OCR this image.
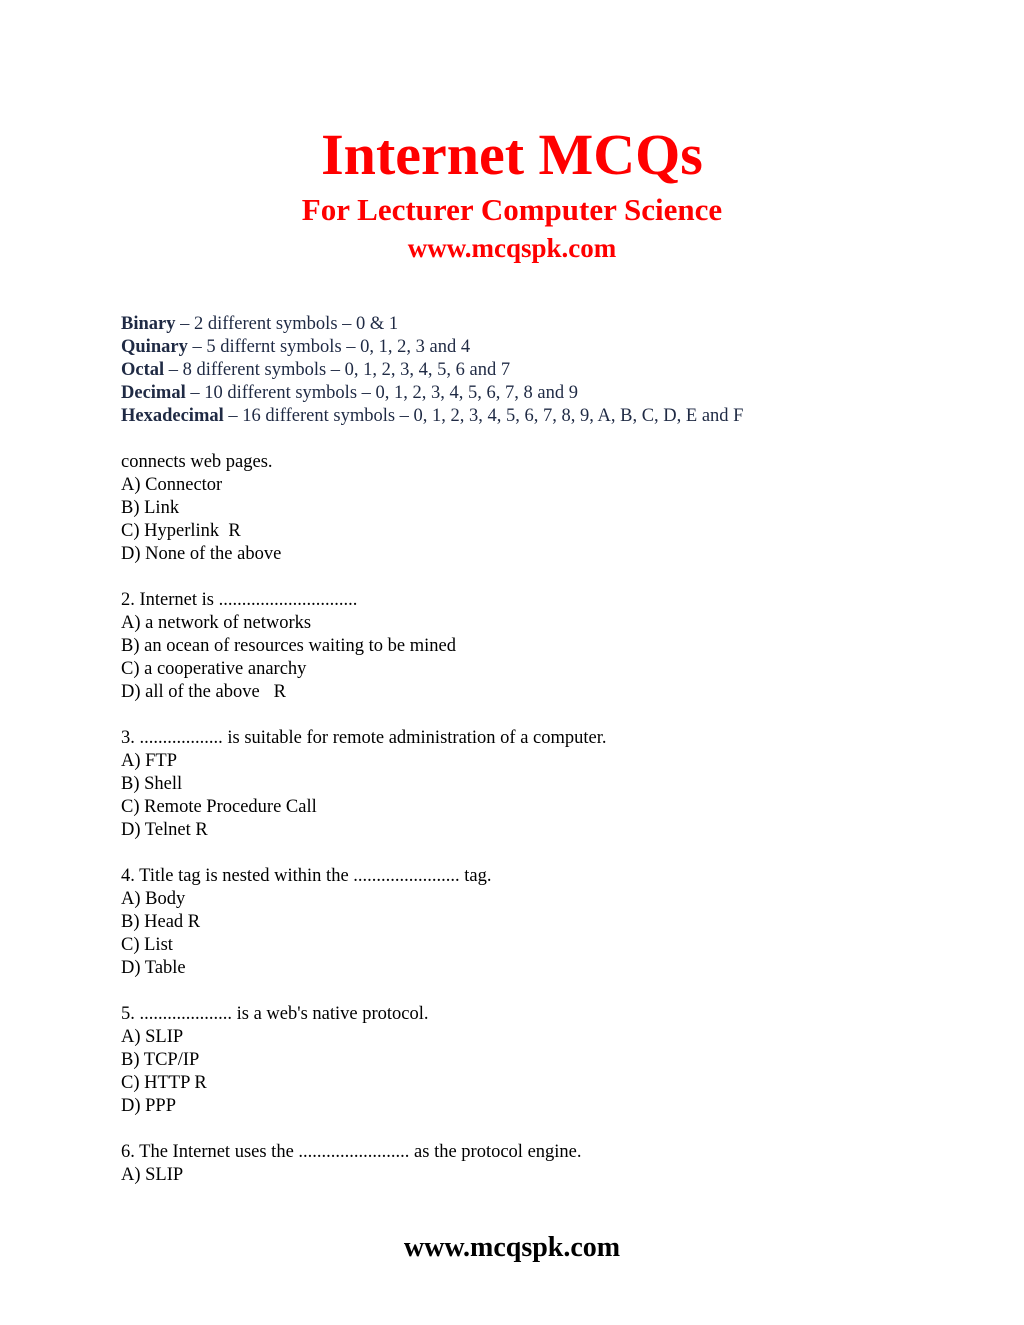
Internet MCQs

For Lecturer Computer Science

www.mcqspk.com

Binary – 2 different symbols – 0 & 1

Quinary – 5 differnt symbols – 0, 1, 2, 3 and 4

Octal – 8 different symbols – 0, 1, 2, 3, 4, 5, 6 and 7

Decimal – 10 different symbols – 0, 1, 2, 3, 4, 5, 6, 7, 8 and 9

Hexadecimal – 16 different symbols – 0, 1, 2, 3, 4, 5, 6, 7, 8, 9, A, B, C, D, E and F

connects web pages.

A) Connector

B) Link

C) Hyperlink  R

D) None of the above

2. Internet is ..............................

A) a network of networks

B) an ocean of resources waiting to be mined

C) a cooperative anarchy

D) all of the above   R

3. .................. is suitable for remote administration of a computer.

A) FTP

B) Shell

C) Remote Procedure Call

D) Telnet R

4. Title tag is nested within the ....................... tag.

A) Body

B) Head R

C) List

D) Table

5. .................... is a web's native protocol.

A) SLIP

B) TCP/IP

C) HTTP R

D) PPP

6. The Internet uses the ........................ as the protocol engine.

A) SLIP

www.mcqspk.com
